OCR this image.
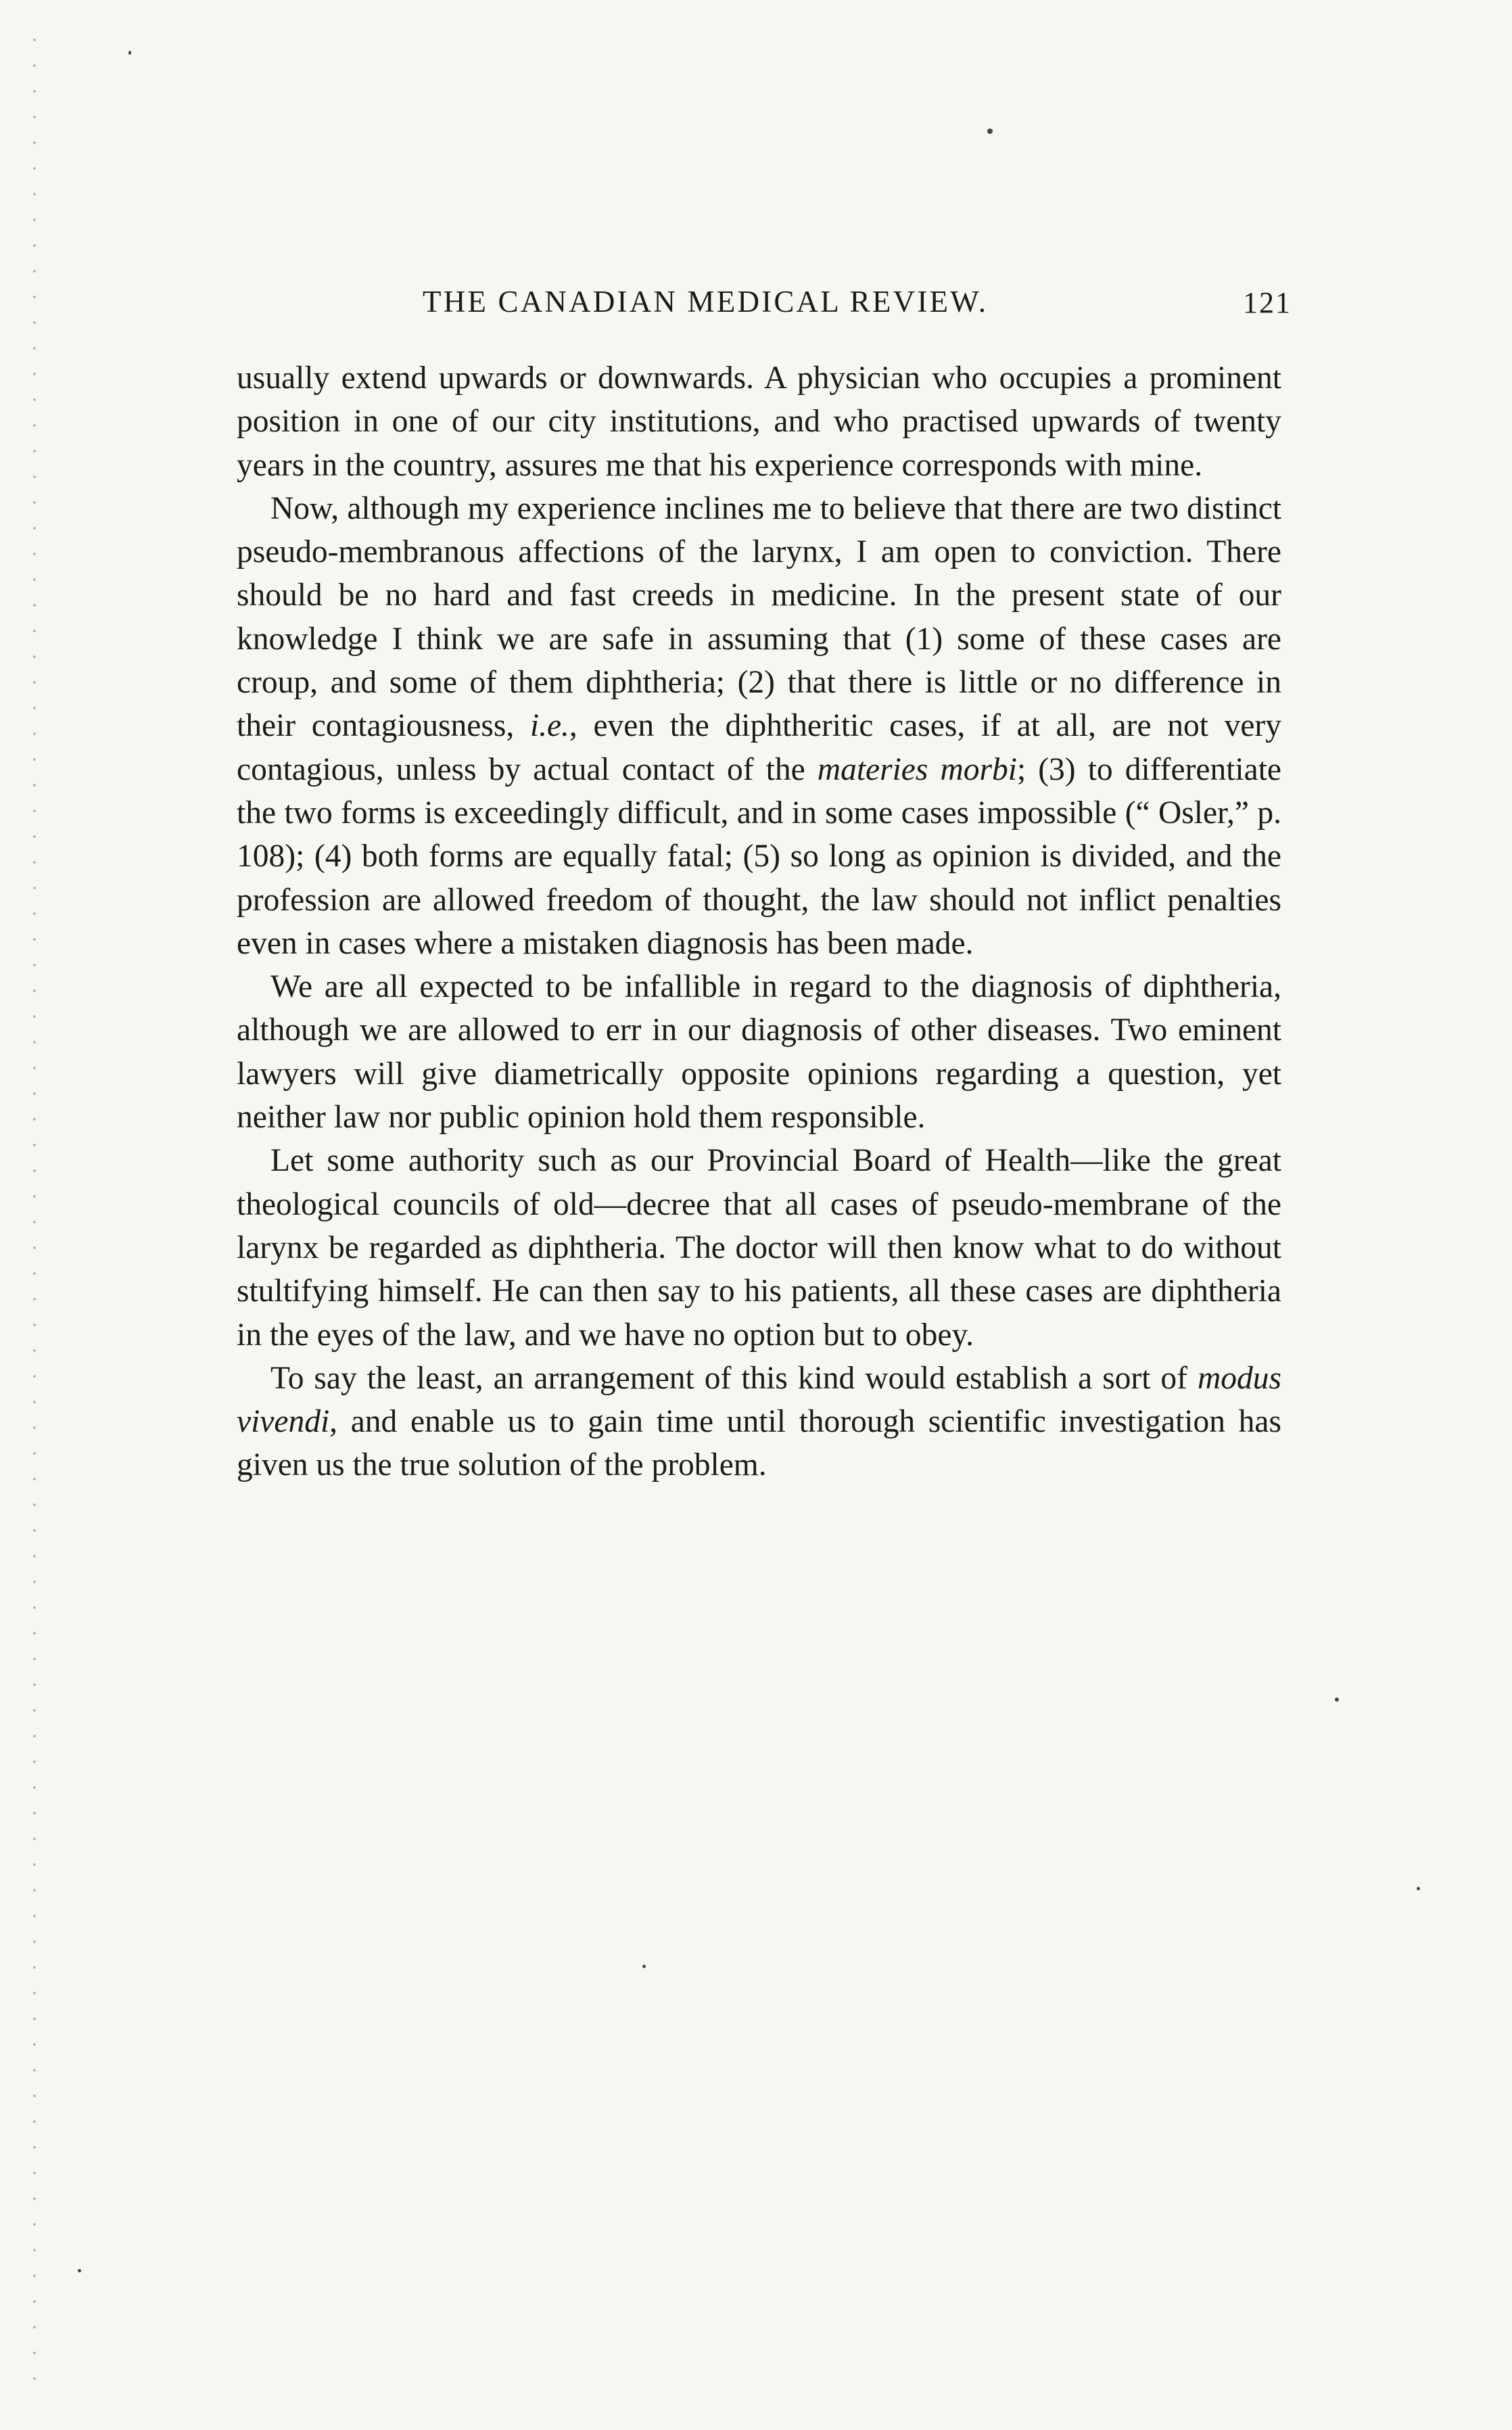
THE CANADIAN MEDICAL REVIEW.	121

usually extend upwards or downwards. A physician who occupies a prominent position in one of our city institutions, and who practised upwards of twenty years in the country, assures me that his experience corresponds with mine.

Now, although my experience inclines me to believe that there are two distinct pseudo-membranous affections of the larynx, I am open to conviction. There should be no hard and fast creeds in medicine. In the present state of our knowledge I think we are safe in assuming that (1) some of these cases are croup, and some of them diphtheria; (2) that there is little or no difference in their contagiousness, i.e., even the diphtheritic cases, if at all, are not very contagious, unless by actual contact of the materies morbi; (3) to differentiate the two forms is exceedingly difficult, and in some cases impossible (“ Osler,” p. 108); (4) both forms are equally fatal; (5) so long as opinion is divided, and the profession are allowed freedom of thought, the law should not inflict penalties even in cases where a mistaken diagnosis has been made.

We are all expected to be infallible in regard to the diagnosis of diphtheria, although we are allowed to err in our diagnosis of other diseases. Two eminent lawyers will give diametrically opposite opinions regarding a question, yet neither law nor public opinion hold them responsible.

Let some authority such as our Provincial Board of Health—like the great theological councils of old—decree that all cases of pseudo-membrane of the larynx be regarded as diphtheria. The doctor will then know what to do without stultifying himself. He can then say to his patients, all these cases are diphtheria in the eyes of the law, and we have no option but to obey.

To say the least, an arrangement of this kind would establish a sort of modus vivendi, and enable us to gain time until thorough scientific investigation has given us the true solution of the problem.
